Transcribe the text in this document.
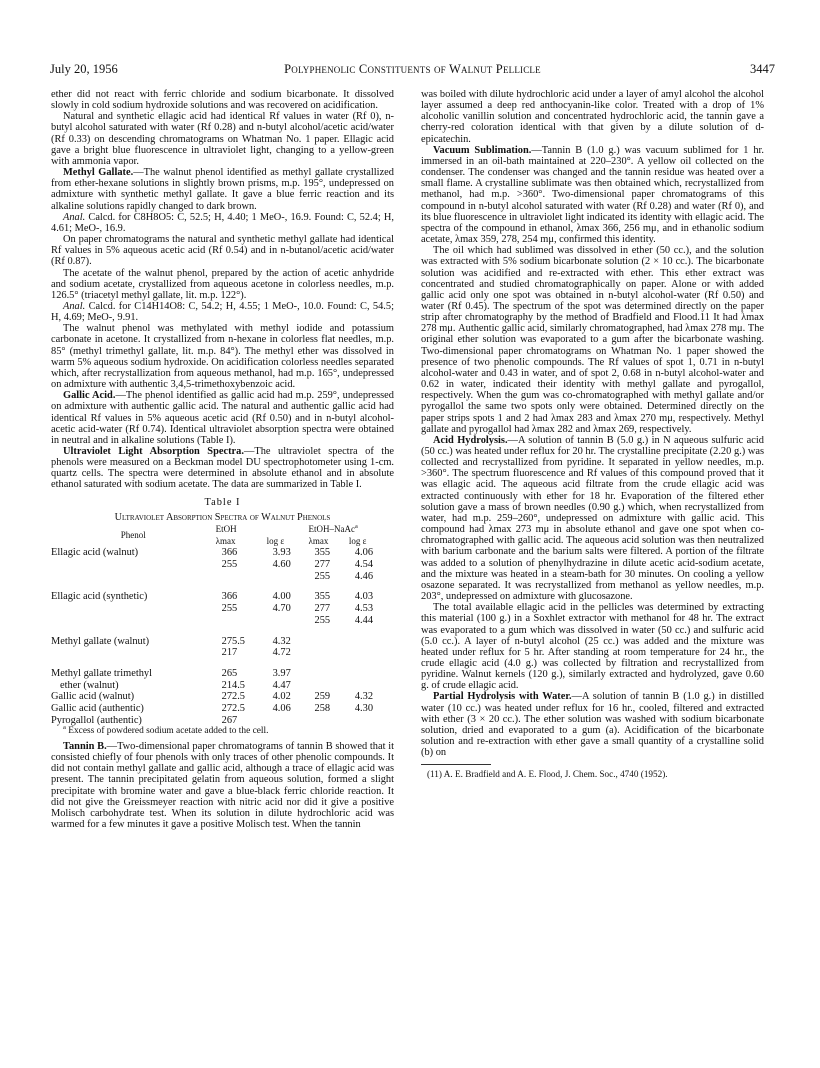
July 20, 1956	Polyphenolic Constituents of Walnut Pellicle	3447

ether did not react with ferric chloride and sodium bicarbonate. It dissolved slowly in cold sodium hydroxide solutions and was recovered on acidification.

Natural and synthetic ellagic acid had identical Rf values in water (Rf 0), n-butyl alcohol saturated with water (Rf 0.28) and n-butyl alcohol/acetic acid/water (Rf 0.33) on descending chromatograms on Whatman No. 1 paper. Ellagic acid gave a bright blue fluorescence in ultraviolet light, changing to a yellow-green with ammonia vapor.

Methyl Gallate.—The walnut phenol identified as methyl gallate crystallized from ether-hexane solutions in slightly brown prisms, m.p. 195°, undepressed on admixture with synthetic methyl gallate. It gave a blue ferric reaction and its alkaline solutions rapidly changed to dark brown.

Anal. Calcd. for C8H8O5: C, 52.5; H, 4.40; 1 MeO-, 16.9. Found: C, 52.4; H, 4.61; MeO-, 16.9.

On paper chromatograms the natural and synthetic methyl gallate had identical Rf values in 5% aqueous acetic acid (Rf 0.54) and in n-butanol/acetic acid/water (Rf 0.87).

The acetate of the walnut phenol, prepared by the action of acetic anhydride and sodium acetate, crystallized from aqueous acetone in colorless needles, m.p. 126.5° (triacetyl methyl gallate, lit. m.p. 122°).

Anal. Calcd. for C14H14O8: C, 54.2; H, 4.55; 1 MeO-, 10.0. Found: C, 54.5; H, 4.69; MeO-, 9.91.

The walnut phenol was methylated with methyl iodide and potassium carbonate in acetone. It crystallized from n-hexane in colorless flat needles, m.p. 85° (methyl trimethyl gallate, lit. m.p. 84°). The methyl ether was dissolved in warm 5% aqueous sodium hydroxide. On acidification colorless needles separated which, after recrystallization from aqueous methanol, had m.p. 165°, undepressed on admixture with authentic 3,4,5-trimethoxybenzoic acid.

Gallic Acid.—The phenol identified as gallic acid had m.p. 259°, undepressed on admixture with authentic gallic acid. The natural and authentic gallic acid had identical Rf values in 5% aqueous acetic acid (Rf 0.50) and in n-butyl alcohol-acetic acid-water (Rf 0.74). Identical ultraviolet absorption spectra were obtained in neutral and in alkaline solutions (Table I).

Ultraviolet Light Absorption Spectra.—The ultraviolet spectra of the phenols were measured on a Beckman model DU spectrophotometer using 1-cm. quartz cells. The spectra were determined in absolute ethanol and in absolute ethanol saturated with sodium acetate. The data are summarized in Table I.

Table I
Ultraviolet Absorption Spectra of Walnut Phenols
Phenol	EtOH		EtOH–NaAc$^a$
	λmax	log ε	λmax	log ε
Ellagic acid (walnut)	366	3.93	355	4.06
	255	4.60	277	4.54
			255	4.46

Ellagic acid (synthetic)	366	4.00	355	4.03
	255	4.70	277	4.53
			255	4.44

Methyl gallate (walnut)	275.5	4.32		
	217	4.72		

Methyl gallate trimethyl	265	3.97		
ether (walnut)	214.5	4.47		
Gallic acid (walnut)	272.5	4.02	259	4.32
Gallic acid (authentic)	272.5	4.06	258	4.30
Pyrogallol (authentic)	267			

$^a$ Excess of powdered sodium acetate added to the cell.

Tannin B.—Two-dimensional paper chromatograms of tannin B showed that it consisted chiefly of four phenols with only traces of other phenolic compounds. It did not contain methyl gallate and gallic acid, although a trace of ellagic acid was present. The tannin precipitated gelatin from aqueous solution, formed a slight precipitate with bromine water and gave a blue-black ferric chloride reaction. It did not give the Greissmeyer reaction with nitric acid nor did it give a positive Molisch carbohydrate test. When its solution in dilute hydrochloric acid was warmed for a few minutes it gave a positive Molisch test. When the tannin

was boiled with dilute hydrochloric acid under a layer of amyl alcohol the alcohol layer assumed a deep red anthocyanin-like color. Treated with a drop of 1% alcoholic vanillin solution and concentrated hydrochloric acid, the tannin gave a cherry-red coloration identical with that given by a dilute solution of d-epicatechin.

Vacuum Sublimation.—Tannin B (1.0 g.) was vacuum sublimed for 1 hr. immersed in an oil-bath maintained at 220–230°. A yellow oil collected on the condenser. The condenser was changed and the tannin residue was heated over a small flame. A crystalline sublimate was then obtained which, recrystallized from methanol, had m.p. >360°. Two-dimensional paper chromatograms of this compound in n-butyl alcohol saturated with water (Rf 0.28) and water (Rf 0), and its blue fluorescence in ultraviolet light indicated its identity with ellagic acid. The spectra of the compound in ethanol, λmax 366, 256 mμ, and in ethanolic sodium acetate, λmax 359, 278, 254 mμ, confirmed this identity.

The oil which had sublimed was dissolved in ether (50 cc.), and the solution was extracted with 5% sodium bicarbonate solution (2 × 10 cc.). The bicarbonate solution was acidified and re-extracted with ether. This ether extract was concentrated and studied chromatographically on paper. Alone or with added gallic acid only one spot was obtained in n-butyl alcohol-water (Rf 0.50) and water (Rf 0.45). The spectrum of the spot was determined directly on the paper strip after chromatography by the method of Bradfield and Flood.11 It had λmax 278 mμ. Authentic gallic acid, similarly chromatographed, had λmax 278 mμ. The original ether solution was evaporated to a gum after the bicarbonate washing. Two-dimensional paper chromatograms on Whatman No. 1 paper showed the presence of two phenolic compounds. The Rf values of spot 1, 0.71 in n-butyl alcohol-water and 0.43 in water, and of spot 2, 0.68 in n-butyl alcohol-water and 0.62 in water, indicated their identity with methyl gallate and pyrogallol, respectively. When the gum was co-chromatographed with methyl gallate and/or pyrogallol the same two spots only were obtained. Determined directly on the paper strips spots 1 and 2 had λmax 283 and λmax 270 mμ, respectively. Methyl gallate and pyrogallol had λmax 282 and λmax 269, respectively.

Acid Hydrolysis.—A solution of tannin B (5.0 g.) in N aqueous sulfuric acid (50 cc.) was heated under reflux for 20 hr. The crystalline precipitate (2.20 g.) was collected and recrystallized from pyridine. It separated in yellow needles, m.p. >360°. The spectrum fluorescence and Rf values of this compound proved that it was ellagic acid. The aqueous acid filtrate from the crude ellagic acid was extracted continuously with ether for 18 hr. Evaporation of the filtered ether solution gave a mass of brown needles (0.90 g.) which, when recrystallized from water, had m.p. 259–260°, undepressed on admixture with gallic acid. This compound had λmax 273 mμ in absolute ethanol and gave one spot when co-chromatographed with gallic acid. The aqueous acid solution was then neutralized with barium carbonate and the barium salts were filtered. A portion of the filtrate was added to a solution of phenylhydrazine in dilute acetic acid-sodium acetate, and the mixture was heated in a steam-bath for 30 minutes. On cooling a yellow osazone separated. It was recrystallized from methanol as yellow needles, m.p. 203°, undepressed on admixture with glucosazone.

The total available ellagic acid in the pellicles was determined by extracting this material (100 g.) in a Soxhlet extractor with methanol for 48 hr. The extract was evaporated to a gum which was dissolved in water (50 cc.) and sulfuric acid (5.0 cc.). A layer of n-butyl alcohol (25 cc.) was added and the mixture was heated under reflux for 5 hr. After standing at room temperature for 24 hr., the crude ellagic acid (4.0 g.) was collected by filtration and recrystallized from pyridine. Walnut kernels (120 g.), similarly extracted and hydrolyzed, gave 0.60 g. of crude ellagic acid.

Partial Hydrolysis with Water.—A solution of tannin B (1.0 g.) in distilled water (10 cc.) was heated under reflux for 16 hr., cooled, filtered and extracted with ether (3 × 20 cc.). The ether solution was washed with sodium bicarbonate solution, dried and evaporated to a gum (a). Acidification of the bicarbonate solution and re-extraction with ether gave a small quantity of a crystalline solid (b) on

(11) A. E. Bradfield and A. E. Flood, J. Chem. Soc., 4740 (1952).
